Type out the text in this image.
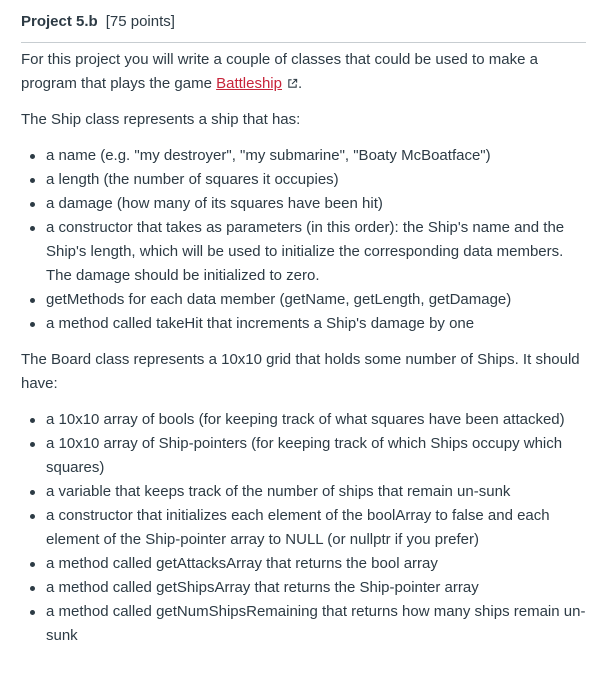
Project 5.b [75 points]

For this project you will write a couple of classes that could be used to make a program that plays the game Battleship .

The Ship class represents a ship that has:

a name (e.g. "my destroyer", "my submarine", "Boaty McBoatface")
a length (the number of squares it occupies)
a damage (how many of its squares have been hit)
a constructor that takes as parameters (in this order): the Ship's name and the Ship's length, which will be used to initialize the corresponding data members. The damage should be initialized to zero.
getMethods for each data member (getName, getLength, getDamage)
a method called takeHit that increments a Ship's damage by one

The Board class represents a 10x10 grid that holds some number of Ships. It should have:

a 10x10 array of bools (for keeping track of what squares have been attacked)
a 10x10 array of Ship-pointers (for keeping track of which Ships occupy which squares)
a variable that keeps track of the number of ships that remain un-sunk
a constructor that initializes each element of the boolArray to false and each element of the Ship-pointer array to NULL (or nullptr if you prefer)
a method called getAttacksArray that returns the bool array
a method called getShipsArray that returns the Ship-pointer array
a method called getNumShipsRemaining that returns how many ships remain un-sunk
